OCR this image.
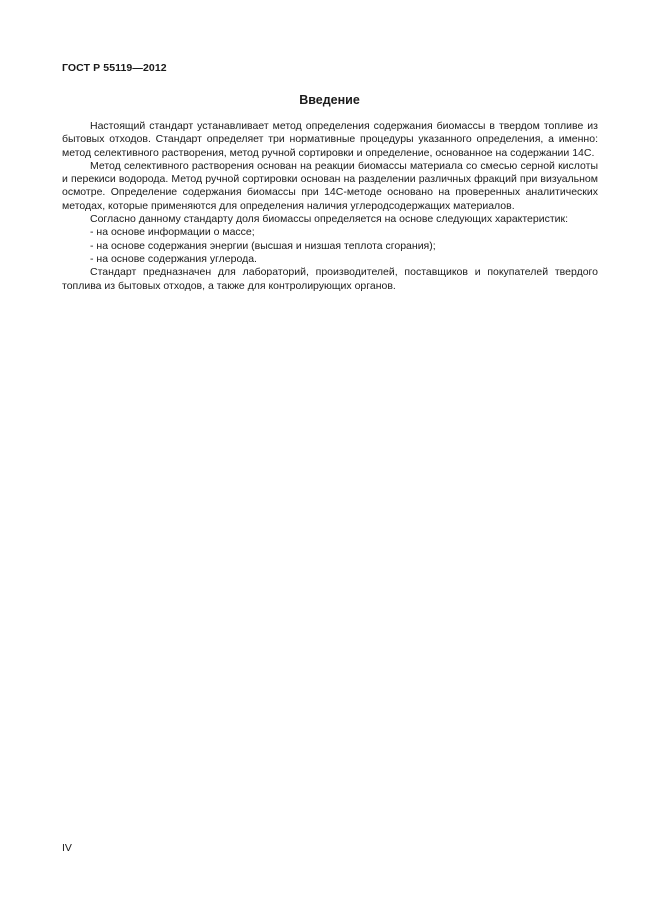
ГОСТ Р 55119—2012
Введение

Настоящий стандарт устанавливает метод определения содержания биомассы в твердом топливе из бытовых отходов. Стандарт определяет три нормативные процедуры указанного определения, а именно: метод селективного растворения, метод ручной сортировки и определение, основанное на содержании 14С.

Метод селективного растворения основан на реакции биомассы материала со смесью серной кислоты и перекиси водорода. Метод ручной сортировки основан на разделении различных фракций при визуальном осмотре. Определение содержания биомассы при 14С-методе основано на проверенных аналитических методах, которые применяются для определения наличия углеродсодержащих материалов.

Согласно данному стандарту доля биомассы определяется на основе следующих характеристик:

- на основе информации о массе;

- на основе содержания энергии (высшая и низшая теплота сгорания);

- на основе содержания углерода.

Стандарт предназначен для лабораторий, производителей, поставщиков и покупателей твердого топлива из бытовых отходов, а также для контролирующих органов.

IV
